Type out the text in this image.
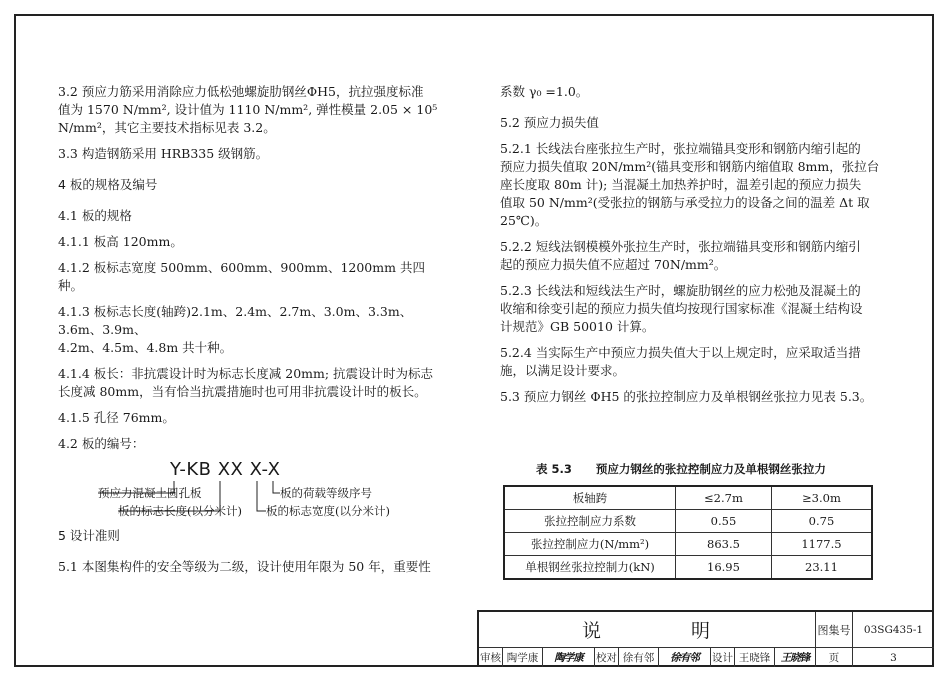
3.2 预应力筋采用消除应力低松弛螺旋肋钢丝ΦH5，抗拉强度标准

值为 1570 N/mm², 设计值为 1110 N/mm², 弹性模量 2.05 × 10⁵

N/mm²，其它主要技术指标见表 3.2。

3.3 构造钢筋采用 HRB335 级钢筋。

4 板的规格及编号

4.1 板的规格

4.1.1 板高 120mm。

4.1.2 板标志宽度 500mm、600mm、900mm、1200mm 共四种。

4.1.3 板标志长度(轴跨)2.1m、2.4m、2.7m、3.0m、3.3m、3.6m、3.9m、

4.2m、4.5m、4.8m 共十种。

4.1.4 板长：非抗震设计时为标志长度减 20mm; 抗震设计时为标志

长度减 80mm，当有恰当抗震措施时也可用非抗震设计时的板长。

4.1.5 孔径 76mm。

4.2 板的编号：

Y-KB XX X-X
预应力混凝土圆孔板
板的标志长度(以分米计)
板的荷载等级序号
板的标志宽度(以分米计)

5 设计准则

5.1 本图集构件的安全等级为二级，设计使用年限为 50 年，重要性

系数 γ₀ =1.0。

5.2 预应力损失值

5.2.1 长线法台座张拉生产时，张拉端锚具变形和钢筋内缩引起的

预应力损失值取 20N/mm²(锚具变形和钢筋内缩值取 8mm，张拉台

座长度取 80m 计); 当混凝土加热养护时，温差引起的预应力损失

值取 50 N/mm²(受张拉的钢筋与承受拉力的设备之间的温差 Δt 取

25℃)。

5.2.2 短线法钢模模外张拉生产时，张拉端锚具变形和钢筋内缩引

起的预应力损失值不应超过 70N/mm²。

5.2.3 长线法和短线法生产时，螺旋肋钢丝的应力松弛及混凝土的

收缩和徐变引起的预应力损失值均按现行国家标准《混凝土结构设

计规范》GB 50010 计算。

5.2.4 当实际生产中预应力损失值大于以上规定时，应采取适当措

施，以满足设计要求。

5.3 预应力钢丝 ΦH5 的张拉控制应力及单根钢丝张拉力见表 5.3。

表 5.3 预应力钢丝的张拉控制应力及单根钢丝张拉力
板轴跨	≤2.7m	≥3.0m
张拉控制应力系数	0.55	0.75
张拉控制应力(N/mm²)	863.5	1177.5
单根钢丝张拉控制力(kN)	16.95	23.11
说	明	图集号	03SG435-1
审核 陶学康	陶学康	校对 徐有邻	徐有邻	设计 王晓锋	王晓锋	页	3
